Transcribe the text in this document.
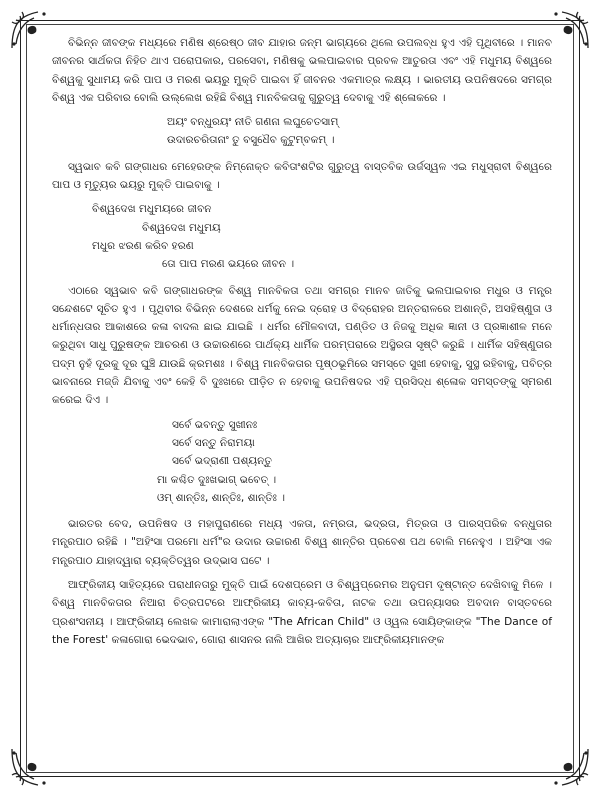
ବିଭିନ୍ନ ଜୀବଙ୍କ ମଧ୍ୟରେ ମଣିଷ ଶ୍ରେଷ୍ଠ ଜୀବ ଯାହାର ଜନ୍ମ ଭାଗ୍ୟରେ ଥିଲେ ଉପଲବ୍ଧ ହୁଏ ଏହି ପୃଥିବୀରେ । ମାନବ ଜୀବନର ସାର୍ଥକତା ନିହିତ ଥାଏ ପରୋପକାର, ପରସେବା, ମଣିଷକୁ ଭଲପାଇବାର ପ୍ରବଳ ଆତୁରତା ଏବଂ ଏହି ମଧୁମୟ ବିଶ୍ୱରେ ବିଶ୍ୱକୁ ସୁଧାମୟ କରି ପାପ ଓ ମରଣ ଭୟରୁ ମୁକ୍ତି ପାଇବା ହିଁ ଜୀବନର ଏକମାତ୍ର ଲକ୍ଷ୍ୟ । ଭାରତୀୟ ଉପନିଷଦରେ ସମଗ୍ର ବିଶ୍ୱ ଏକ ପରିବାର ବୋଲି ଉଲ୍ଲେଖ ରହିଛି ବିଶ୍ୱ ମାନବିକତାକୁ ଗୁରୁତ୍ୱ ଦେବାକୁ ଏହି ଶ୍ଳୋକରେ ।

ଅୟଂ ବନ୍ଧୁରୟଂ ନୀତି ଗଣନା ଲଘୁଚେତସାମ୍
ଉଦାରଚରିତାନାଂ ତୁ ବସୁଧୈବ କୁଟୁମ୍ବକମ୍ ।

ସ୍ୱଭାବ କବି ଗଙ୍ଗାଧର ମେହେରଙ୍କ ନିମ୍ନୋକ୍ତ କବିତାଂଶଟିର ଗୁରୁତ୍ୱ ବାସ୍ତବିକ ଉର୍ଜସ୍ୱଳ ଏଇ ମଧୁସ୍ରାବୀ ବିଶ୍ୱରେ ପାପ ଓ ମୃତ୍ୟୁର ଭୟରୁ ମୁକ୍ତି ପାଇବାକୁ ।

ବିଶ୍ୱଦେଖ ମଧୁମୟରେ ଜୀବନ
ବିଶ୍ୱଦେଖ ମଧୁମୟ
ମଧୁର ଝରଣ କରିବ ହରଣ
ତୋ ପାପ ମରଣ ଭୟରେ ଜୀବନ ।

ଏଠାରେ ସ୍ୱଭାବ କବି ଗଙ୍ଗାଧରଙ୍କ ବିଶ୍ୱ ମାନବିକତା ତଥା ସମଗ୍ର ମାନବ ଜାତିକୁ ଭଲପାଇବାର ମଧୁର ଓ ମନ୍ତ୍ର ସନ୍ଦେଶଟେ ସୂଚିତ ହୁଏ । ପୃଥିବୀର ବିଭିନ୍ନ ଦେଶରେ ଧର୍ମକୁ ନେଇ ଦ୍ରୋହ ଓ ବିଦ୍ରୋହର ଅନ୍ତରାଳରେ ଅଶାନ୍ତି, ଅସହିଷ୍ଣୁତା ଓ ଧର୍ମାନ୍ଧତାର ଆକାଶରେ କଳା ବାଦଲ ଛାଇ ଯାଇଛି । ଧର୍ମର ମୌଳବାଦୀ, ପଣ୍ଡିତ ଓ ନିଜକୁ ଅଧିକ ଜ୍ଞାନୀ ଓ ପ୍ରଜ୍ଞାଶୀଳ ମନେ କରୁଥିବା ସାଧୁ ପୁରୁଷଙ୍କ ଆଚରଣ ଓ ଉଚ୍ଚାରଣରେ ପାର୍ଥକ୍ୟ ଧାର୍ମିକ ପରମ୍ପରାରେ ଅସ୍ଥିରତା ସୃଷ୍ଟି କରୁଛି । ଧାର୍ମିକ ସହିଷ୍ଣୁତାର ପଦ୍ମ ନୁହଁ ଦୂରକୁ ଦୂର ଘୁଞ୍ଚି ଯାଉଛି କ୍ରମଶଃ । ବିଶ୍ୱ ମାନବିକତାର ପୃଷ୍ଠଭୂମିରେ ସମସ୍ତେ ସୁଖୀ ହେବାକୁ, ସୁସ୍ଥ ରହିବାକୁ, ପବିତ୍ର ଭାବନାରେ ମଜ୍ଜି ଯିବାକୁ ଏବଂ କେହି ବି ଦୁଃଖରେ ପୀଡ଼ିତ ନ ହେବାକୁ ଉପନିଷଦର ଏହି ପ୍ରସିଦ୍ଧ ଶ୍ଳୋକ ସମସ୍ତଙ୍କୁ ସ୍ମରଣ କରେଇ ଦିଏ ।

ସର୍ବେ ଭବନ୍ତୁ ସୁଖୀନଃ
ସର୍ବେ ସନ୍ତୁ ନିରାମୟା
ସର୍ବେ ଭଦ୍ରାଣୀ ପଶ୍ୟନ୍ତୁ
ମା କଶ୍ଚିତ ଦୁଃଖଭାଗ୍ ଭବେତ୍ ।
ଓମ୍ ଶାନ୍ତିଃ, ଶାନ୍ତିଃ, ଶାନ୍ତିଃ ।

ଭାରତର ବେଦ, ଉପନିଷଦ ଓ ମହାପୁରାଣରେ ମଧ୍ୟ ଏକତା, ନମ୍ରତା, ଭଦ୍ରତା, ମିତ୍ରତା ଓ ପାରସ୍ପରିକ ବନ୍ଧୁତାର ମନ୍ତ୍ରପାଠ ରହିଛି । "ଅହିଂସା ପରମୋ ଧର୍ମ"ର ଉଦାର ଉଚ୍ଚାରଣ ବିଶ୍ୱ ଶାନ୍ତିର ପ୍ରବେଶ ପଥ ବୋଲି ମନେହୁଏ । ଅହିଂସା ଏକ ମନ୍ତ୍ରପାଠ ଯାହାଦ୍ୱାରା ବ୍ୟକ୍ତିତ୍ୱର ଉଦ୍ଭାସ ଘଟେ ।

ଆଫ୍ରିକୀୟ ସାହିତ୍ୟରେ ପରାଧୀନତାରୁ ମୁକ୍ତି ପାଇଁ ଦେଶପ୍ରେମ ଓ ବିଶ୍ୱପ୍ରେମର ଅନୁପମ ଦୃଷ୍ଟାନ୍ତ ଦେଖିବାକୁ ମିଳେ । ବିଶ୍ୱ ମାନବିକତାର ନିଆରା ଚିତ୍ରପଟରେ ଆଫ୍ରିକୀୟ କାବ୍ୟ-କବିତା, ନାଟକ ତଥା ଉପନ୍ୟାସର ଅବଦାନ ବାସ୍ତବରେ ପ୍ରଶଂସନୀୟ । ଆଫ୍ରିକୀୟ ଲେଖକ କାମାରାଲାଏଙ୍କ "The African Child" ଓ ଓ୍ୱଲ ସୋୟିଙ୍କାଙ୍କ "The Dance of the Forest' କଳାଗୋରା ଭେଦଭାବ, ଗୋରା ଶାସନର ନାଲି ଆଖିର ଅତ୍ୟାଚାର ଆଫ୍ରିକୀୟମାନଙ୍କ
